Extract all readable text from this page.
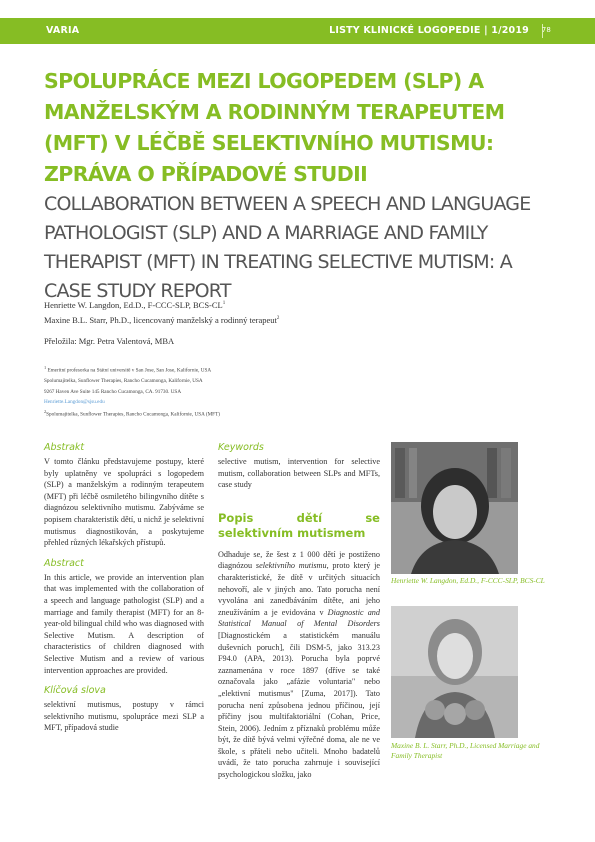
VARIA	LISTY KLINICKÉ LOGOPEDIE | 1/2019 78
SPOLUPRÁCE MEZI LOGOPEDEM (SLP) A MANŽELSKÝM A RODINNÝM TERAPEUTEM (MFT) V LÉČBĚ SELEKTIVNÍHO MUTISMU: ZPRÁVA O PŘÍPADOVÉ STUDII
COLLABORATION BETWEEN A SPEECH AND LANGUAGE PATHOLOGIST (SLP) AND A MARRIAGE AND FAMILY THERAPIST (MFT) IN TREATING SELECTIVE MUTISM: A CASE STUDY REPORT
Henriette W. Langdon, Ed.D., F-CCC-SLP, BCS-$CL^1$
Maxine B.L. Starr, Ph.D., licencovaný manželský a rodinný terapeut$^2$
Přeložila: Mgr. Petra Valentová, MBA
$^1$ Emeritní profesorka na Státní universitě v San Jose, San Jose, Kalifornie, USA
Spolumajitelka, Sunflower Therapies, Rancho Cucamonga, Kalifornie, USA
9267 Haven Ave Suite 145 Rancho Cucamonga, CA. 91730. USA
Henriette.Langdon@sjsu.edu
$^2$Spolumajitelka, Sunflower Therapies, Rancho Cucamonga, Kalifornie, USA (MFT)
Abstrakt

V tomto článku představujeme postupy, které byly uplatněny ve spolupráci s logopedem (SLP) a manželským a rodinným terapeutem (MFT) při léčbě osmiletého bilingvního dítěte s diagnózou selektivního mutismu. Zabýváme se popisem charakteristik dětí, u nichž je selektivní mutismus diagnostikován, a poskytujeme přehled různých lékařských přístupů.

Abstract

In this article, we provide an intervention plan that was implemented with the collaboration of a speech and language pathologist (SLP) and a marriage and family therapist (MFT) for an 8-year-old bilingual child who was diagnosed with Selective Mutism. A description of characteristics of children diagnosed with Selective Mutism and a review of various intervention approaches are provided.

Klíčová slova

selektivní mutismus, postupy v rámci selektivního mutismu, spolupráce mezi SLP a MFT, případová studie

Keywords

selective mutism, intervention for selective mutism, collaboration between SLPs and MFTs, case study

Popis dětí se selektivním mutismem

Odhaduje se, že šest z 1 000 dětí je postiženo diagnózou selektivního mutismu, proto který je charakteristické, že dítě v určitých situacích nehovoří, ale v jiných ano. Tato porucha není vyvolána ani zanedbáváním dítěte, ani jeho zneužíváním a je evidována v Diagnostic and Statistical Manual of Mental Disorders [Diagnostickém a statistickém manuálu duševních poruch], čili DSM-5, jako 313.23 F94.0 (APA, 2013). Porucha byla poprvé zaznamenána v roce 1897 (dříve se také označovala jako „afázie voluntaria" nebo „elektivní mutismus" [Zuma, 2017]). Tato porucha není způsobena jednou příčinou, její příčiny jsou multifaktoriální (Cohan, Price, Stein, 2006). Jedním z příznaků problému může být, že dítě bývá velmi výřečné doma, ale ne ve škole, s přáteli nebo učiteli. Mnoho badatelů uvádí, že tato porucha zahrnuje i související psychologickou složku, jako

Henriette W. Langdon, Ed.D., F-CCC-SLP, BCS-CL
Maxine B. L. Starr, Ph.D., Licensed Marriage and Family Therapist
